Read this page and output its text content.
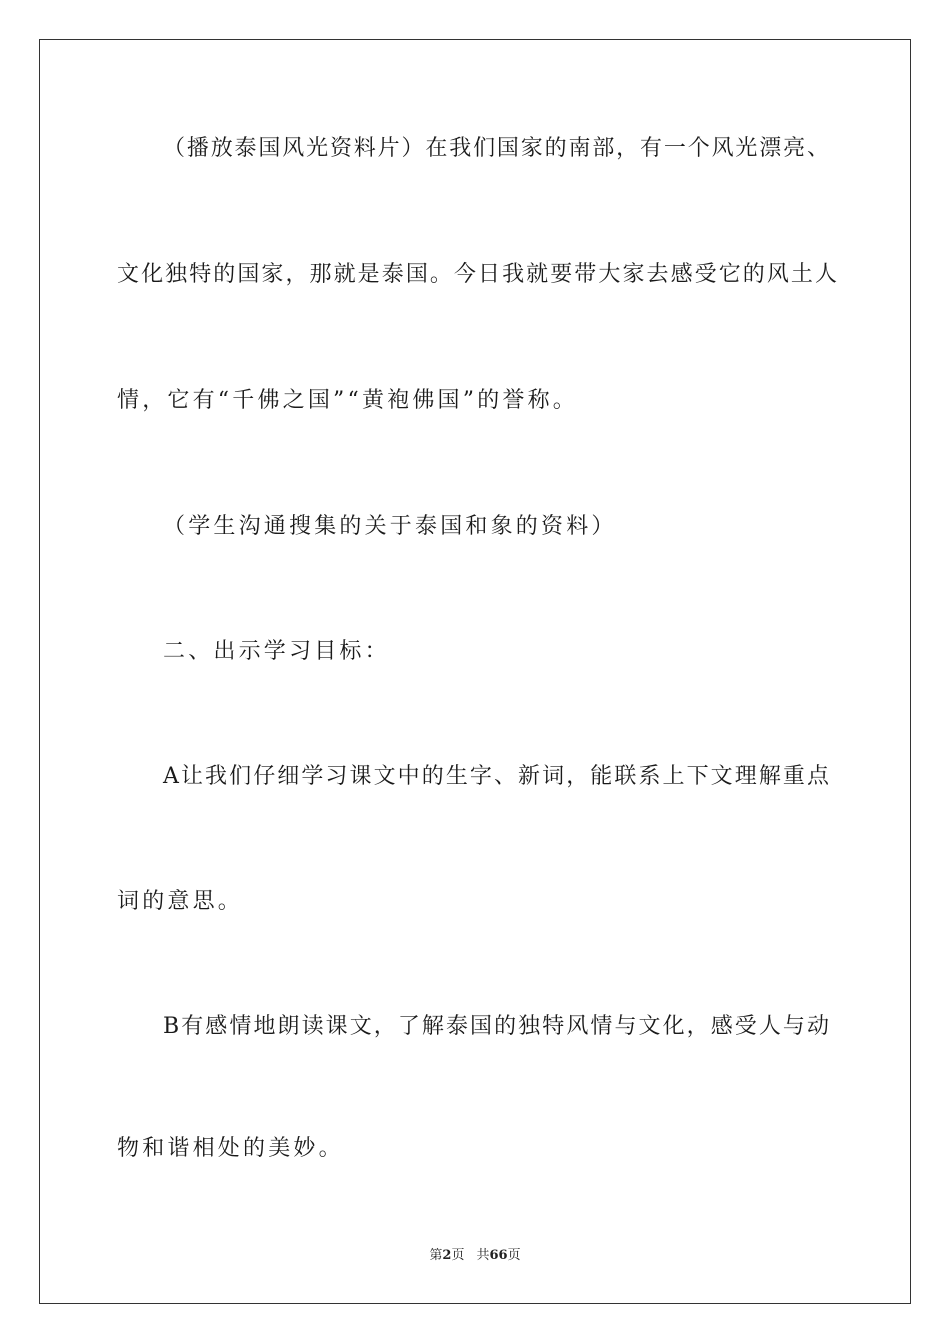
（播放泰国风光资料片）在我们国家的南部，有一个风光漂亮、
文化独特的国家，那就是泰国。今日我就要带大家去感受它的风土人
情，它有“千佛之国”“黄袍佛国”的誉称。
（学生沟通搜集的关于泰国和象的资料）
二、出示学习目标：
A让我们仔细学习课文中的生字、新词，能联系上下文理解重点
词的意思。
B有感情地朗读课文，了解泰国的独特风情与文化，感受人与动
物和谐相处的美妙。
第2页 共66页
